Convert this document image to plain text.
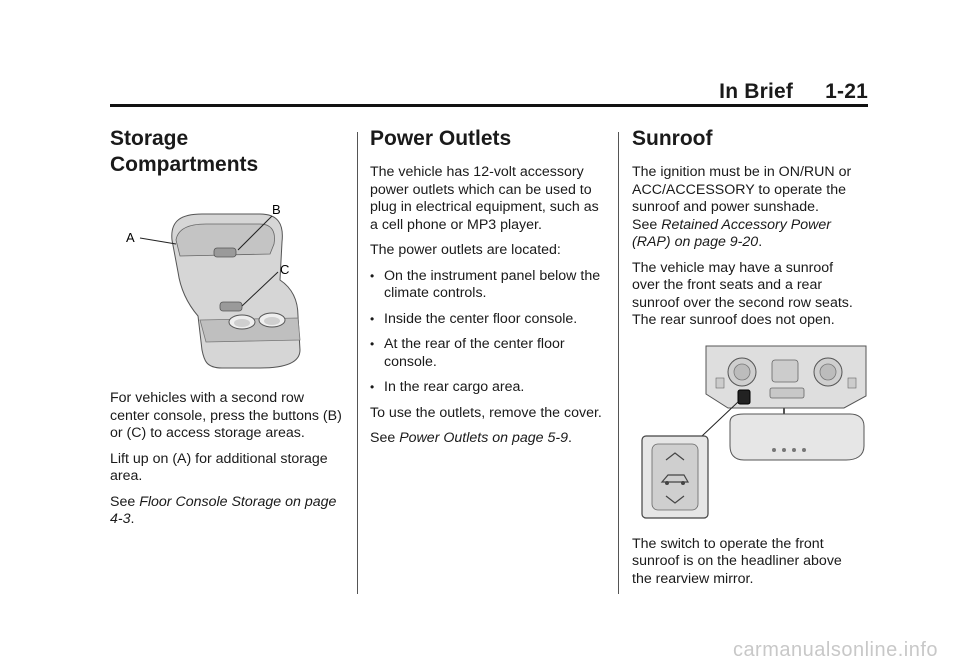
In Brief 1-21
Storage Compartments
A
B
C

For vehicles with a second row center console, press the buttons (B) or (C) to access storage areas.

Lift up on (A) for additional storage area.

See Floor Console Storage on page 4-3.

Power Outlets

The vehicle has 12-volt accessory power outlets which can be used to plug in electrical equipment, such as a cell phone or MP3 player.

The power outlets are located:

• On the instrument panel below the climate controls.
• Inside the center floor console.
• At the rear of the center floor console.
• In the rear cargo area.

To use the outlets, remove the cover.

See Power Outlets on page 5-9.

Sunroof

The ignition must be in ON/RUN or ACC/ACCESSORY to operate the sunroof and power sunshade.
See Retained Accessory Power (RAP) on page 9-20.

The vehicle may have a sunroof over the front seats and a rear sunroof over the second row seats. The rear sunroof does not open.

The switch to operate the front sunroof is on the headliner above the rearview mirror.

carmanualsonline.info
